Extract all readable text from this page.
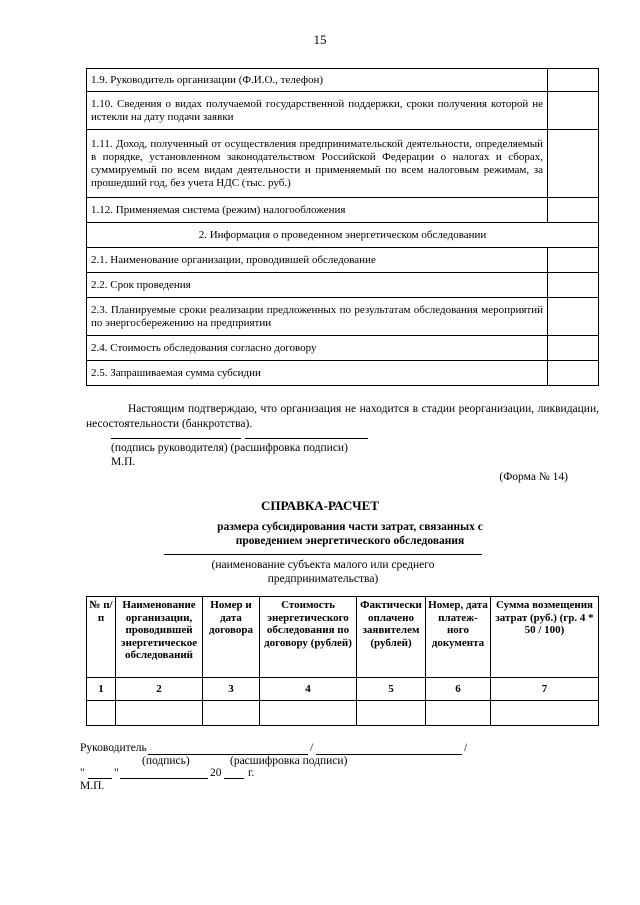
15
1.9. Руководитель организации (Ф.И.О., телефон)	
1.10. Сведения о видах получаемой государственной поддержки, сроки получения которой не истекли на дату подачи заявки	
1.11. Доход, полученный от осуществления предпринимательской деятельности, определяемый в порядке, установленном законодательством Российской Федерации о налогах и сборах, суммируемый по всем видам деятельности и применяемый по всем налоговым режимам, за прошедший год, без учета НДС (тыс. руб.)	
1.12. Применяемая система (режим) налогообложения	
2. Информация о проведенном энергетическом обследовании	
2.1. Наименование организации, проводившей обследование	
2.2. Срок проведения	
2.3. Планируемые сроки реализации предложенных по результатам обследования мероприятий по энергосбережению на предприятии	
2.4. Стоимость обследования согласно договору	
2.5. Запрашиваемая сумма субсидии	
Настоящим подтверждаю, что организация не находится в стадии реорганизации, ликвидации, несостоятельности (банкротства).
(подпись руководителя) (расшифровка подписи)
М.П.
(Форма № 14)
СПРАВКА-РАСЧЕТ
размера субсидирования части затрат, связанных с
проведением энергетического обследования
(наименование субъекта малого или среднего
предпринимательства)
№ п/п	Наименование организации, проводившей энергетическое обследований	Номер и дата договора	Стоимость энергетического обследования по договору (рублей)	Фактически оплачено заявителем (рублей)	Номер, дата платеж-ного документа	Сумма возмещения затрат (руб.) (гр. 4 * 50 / 100)
1	2	3	4	5	6	7

Руководитель	/	/
(подпись)	(расшифровка подписи)
"	"	20 г.
М.П.
